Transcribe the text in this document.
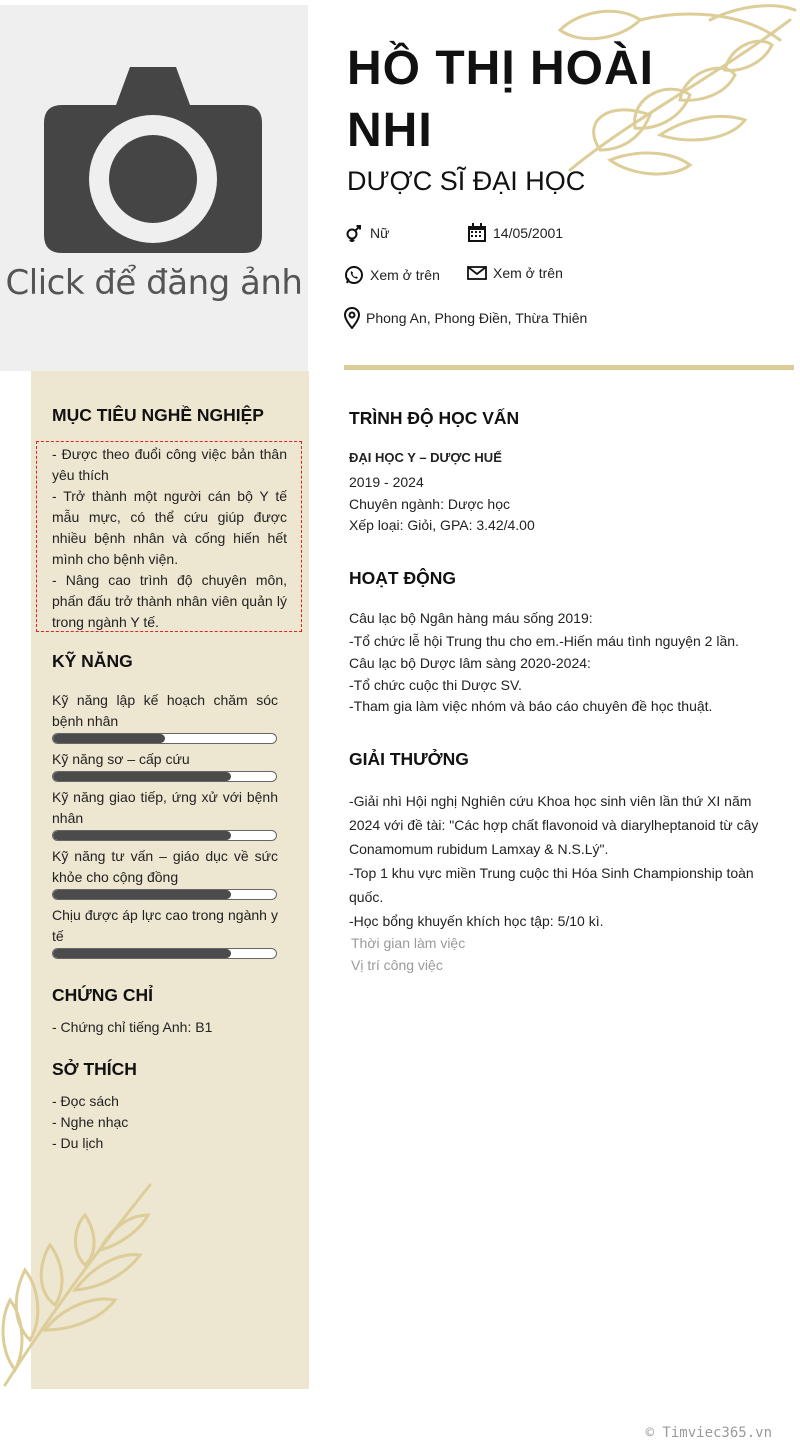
Click để đăng ảnh
MỤC TIÊU NGHỀ NGHIỆP

- Được theo đuổi công việc bản thân yêu thích

- Trở thành một người cán bộ Y tế mẫu mực, có thể cứu giúp được nhiều bệnh nhân và cống hiến hết mình cho bệnh viện.

- Nâng cao trình độ chuyên môn, phấn đấu trở thành nhân viên quản lý trong ngành Y tế.

KỸ NĂNG
Kỹ năng lập kế hoạch chăm sóc bệnh nhân
Kỹ năng sơ – cấp cứu
Kỹ năng giao tiếp, ứng xử với bệnh nhân
Kỹ năng tư vấn – giáo dục về sức khỏe cho cộng đồng
Chịu được áp lực cao trong ngành y tế
CHỨNG CHỈ
- Chứng chỉ tiếng Anh: B1
SỞ THÍCH
- Đọc sách
- Nghe nhạc
- Du lịch
HỒ THỊ HOÀI NHI
DƯỢC SĨ ĐẠI HỌC
Nữ	14/05/2001
Xem ở trên	Xem ở trên
Phong An, Phong Điền, Thừa Thiên
TRÌNH ĐỘ HỌC VẤN
ĐẠI HỌC Y – DƯỢC HUẾ
2019 - 2024
Chuyên ngành: Dược học
Xếp loại: Giỏi, GPA: 3.42/4.00
HOẠT ĐỘNG
Câu lạc bộ Ngân hàng máu sống 2019:
-Tổ chức lễ hội Trung thu cho em.-Hiến máu tình nguyện 2 lần.
Câu lạc bộ Dược lâm sàng 2020-2024:
-Tổ chức cuộc thi Dược SV.
-Tham gia làm việc nhóm và báo cáo chuyên đề học thuật.
GIẢI THƯỞNG
-Giải nhì Hội nghị Nghiên cứu Khoa học sinh viên lần thứ XI năm 2024 với đề tài: "Các hợp chất flavonoid và diarylheptanoid từ cây Conamomum rubidum Lamxay & N.S.Lý".
-Top 1 khu vực miền Trung cuộc thi Hóa Sinh Championship toàn quốc.
-Học bổng khuyến khích học tập: 5/10 kì.
Thời gian làm việc
Vị trí công việc
© Timviec365.vn
